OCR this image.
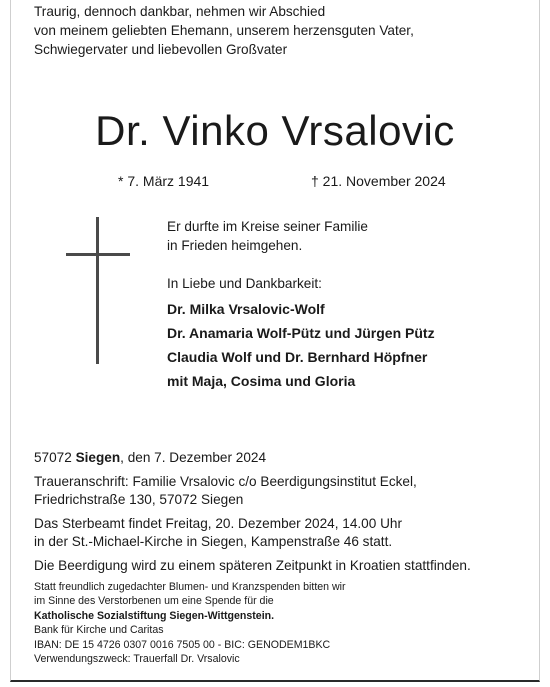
Traurig, dennoch dankbar, nehmen wir Abschied
von meinem geliebten Ehemann, unserem herzensguten Vater,
Schwiegervater und liebevollen Großvater
Dr. Vinko Vrsalovic
* 7. März 1941	† 21. November 2024
Er durfte im Kreise seiner Familie
in Frieden heimgehen.
In Liebe und Dankbarkeit:
Dr. Milka Vrsalovic-Wolf
Dr. Anamaria Wolf-Pütz und Jürgen Pütz
Claudia Wolf und Dr. Bernhard Höpfner
mit Maja, Cosima und Gloria
57072 Siegen, den 7. Dezember 2024
Traueranschrift: Familie Vrsalovic c/o Beerdigungsinstitut Eckel,
Friedrichstraße 130, 57072 Siegen
Das Sterbeamt findet Freitag, 20. Dezember 2024, 14.00 Uhr
in der St.-Michael-Kirche in Siegen, Kampenstraße 46 statt.
Die Beerdigung wird zu einem späteren Zeitpunkt in Kroatien stattfinden.
Statt freundlich zugedachter Blumen- und Kranzspenden bitten wir
im Sinne des Verstorbenen um eine Spende für die
Katholische Sozialstiftung Siegen-Wittgenstein.
Bank für Kirche und Caritas
IBAN: DE 15 4726 0307 0016 7505 00 - BIC: GENODEM1BKC
Verwendungszweck: Trauerfall Dr. Vrsalovic
